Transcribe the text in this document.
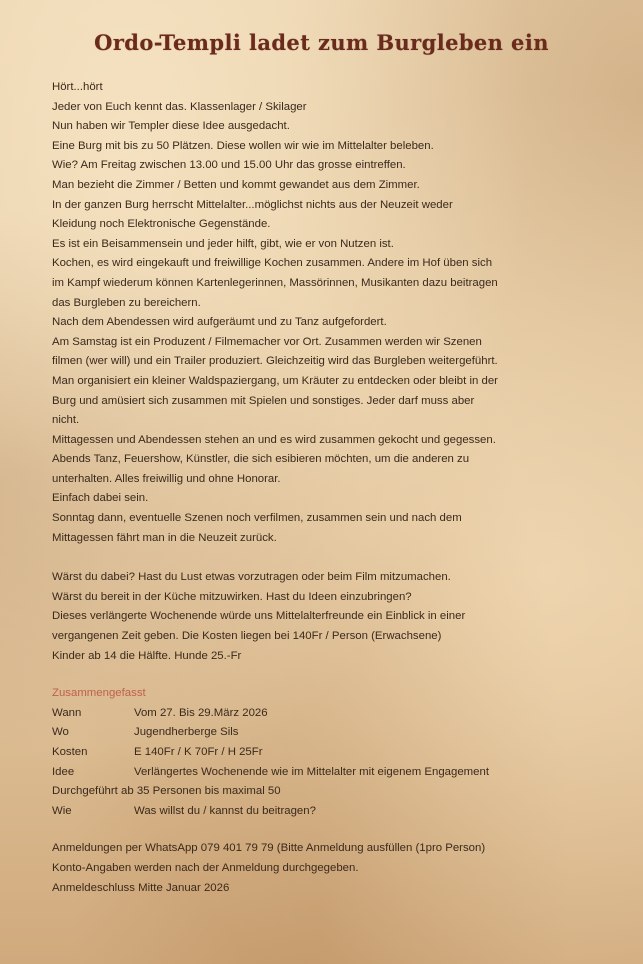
Ordo-Templi ladet zum Burgleben ein
Hört...hört
Jeder von Euch kennt das. Klassenlager / Skilager
Nun haben wir Templer diese Idee ausgedacht.
Eine Burg mit bis zu 50 Plätzen. Diese wollen wir wie im Mittelalter beleben.
Wie? Am Freitag zwischen 13.00 und 15.00 Uhr das grosse eintreffen.
Man bezieht die Zimmer / Betten und kommt gewandet aus dem Zimmer.
In der ganzen Burg herrscht Mittelalter...möglichst nichts aus der Neuzeit weder
Kleidung noch Elektronische Gegenstände.
Es ist ein Beisammensein und jeder hilft, gibt, wie er von Nutzen ist.
Kochen, es wird eingekauft und freiwillige Kochen zusammen. Andere im Hof üben sich
im Kampf wiederum können Kartenlegerinnen, Massörinnen, Musikanten dazu beitragen
das Burgleben zu bereichern.
Nach dem Abendessen wird aufgeräumt und zu Tanz aufgefordert.
Am Samstag ist ein Produzent / Filmemacher vor Ort. Zusammen werden wir Szenen
filmen (wer will) und ein Trailer produziert. Gleichzeitig wird das Burgleben weitergeführt.
Man organisiert ein kleiner Waldspaziergang, um Kräuter zu entdecken oder bleibt in der
Burg und amüsiert sich zusammen mit Spielen und sonstiges. Jeder darf muss aber
nicht.
Mittagessen und Abendessen stehen an und es wird zusammen gekocht und gegessen.
Abends Tanz, Feuershow, Künstler, die sich esibieren möchten, um die anderen zu
unterhalten. Alles freiwillig und ohne Honorar.
Einfach dabei sein.
Sonntag dann, eventuelle Szenen noch verfilmen, zusammen sein und nach dem
Mittagessen fährt man in die Neuzeit zurück.
Wärst du dabei? Hast du Lust etwas vorzutragen oder beim Film mitzumachen.
Wärst du bereit in der Küche mitzuwirken. Hast du Ideen einzubringen?
Dieses verlängerte Wochenende würde uns Mittelalterfreunde ein Einblick in einer
vergangenen Zeit geben. Die Kosten liegen bei 140Fr / Person (Erwachsene)
Kinder ab 14 die Hälfte. Hunde 25.-Fr
Zusammengefasst
Wann	Vom 27. Bis 29.März 2026
Wo	Jugendherberge Sils
Kosten	E 140Fr / K 70Fr / H 25Fr
Idee	Verlängertes Wochenende wie im Mittelalter mit eigenem Engagement
Durchgeführt ab 35 Personen bis maximal 50
Wie	Was willst du / kannst du beitragen?
Anmeldungen per WhatsApp 079 401 79 79 (Bitte Anmeldung ausfüllen (1pro Person)
Konto-Angaben werden nach der Anmeldung durchgegeben.
Anmeldeschluss Mitte Januar 2026
